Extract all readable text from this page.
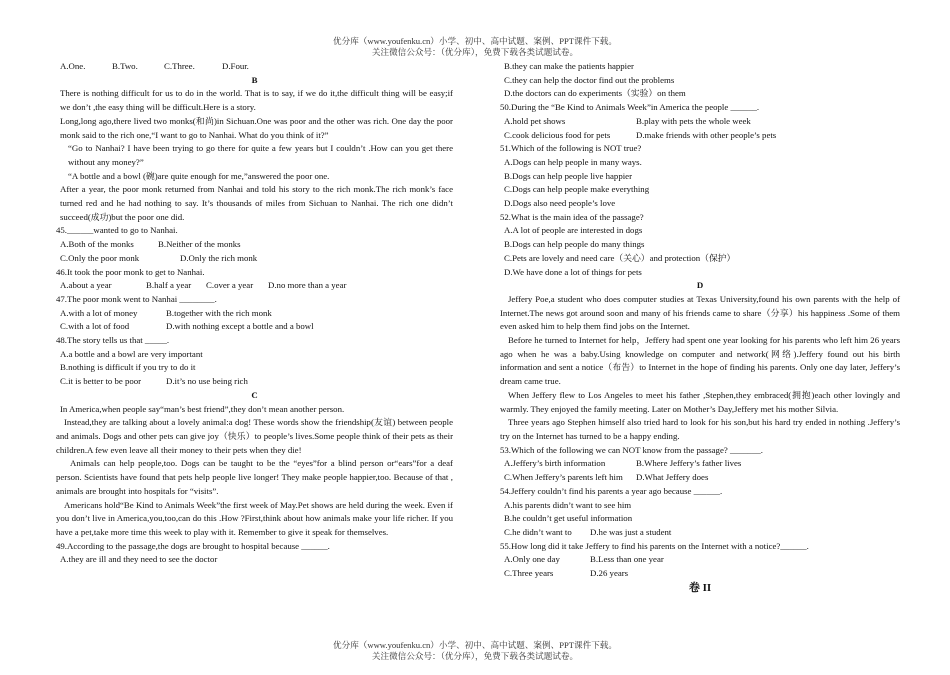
优分库（www.youfenku.cn）小学、初中、高中试题、案例、PPT课件下载。
关注微信公众号：（优分库），免费下载各类试题试卷。
A.One.	B.Two.	C.Three.	D.Four.

B

There is nothing difficult for us to do in the world. That is to say, if we do it,the difficult thing will be easy;if we don’t ,the easy thing will be difficult.Here is a story.

Long,long ago,there lived two monks(和尚)in Sichuan.One was poor and the other was rich. One day the poor monk said to the rich one,“I want to go to Nanhai. What do you think of it?”

“Go to Nanhai? I have been trying to go there for quite a few years but I couldn’t .How can you get there without any money?”

“A bottle and a bowl (碗)are quite enough for me,”answered the poor one.

After a year, the poor monk returned from Nanhai and told his story to the rich monk.The rich monk’s face turned red and he had nothing to say. It’s thousands of miles from Sichuan to Nanhai. The rich one didn’t succeed(成功)but the poor one did.

45.______wanted to go to Nanhai.

A.Both of the monks	B.Neither of the monks
C.Only the poor monk	D.Only the rich monk

46.It took the poor monk to get to Nanhai.

A.about a year	B.half a year	C.over a year	D.no more than a year

47.The poor monk went to Nanhai ________.

A.with a lot of money	B.together with the rich monk
C.with a lot of food	D.with nothing except a bottle and a bowl

48.The story tells us that _____.

A.a bottle and a bowl are very important
B.nothing is difficult if you try to do it
C.it is better to be poor	D.it’s no use being rich

C

In America,when people say“man’s best friend”,they don’t mean another person.

Instead,they are talking about a lovely animal:a dog! These words show the friendship(友谊) between people and animals. Dogs and other pets can give joy（快乐）to people’s lives.Some people think of their pets as their children.A few even leave all their money to their pets when they die!

Animals can help people,too. Dogs can be taught to be the “eyes”for a blind person or“ears”for a deaf person. Scientists have found that pets help people live longer! They make people happier,too. Because of that , animals are brought into hospitals for “visits”.

Americans hold“Be Kind to Animals Week”the first week of May.Pet shows are held during the week. Even if you don’t live in America,you,too,can do this .How ?First,think about how animals make your life richer. If you have a pet,take more time this week to play with it. Remember to give it speak for themselves.

49.According to the passage,the dogs are brought to hospital because ______.

A.they are ill and they need to see the doctor
B.they can make the patients happier
C.they can help the doctor find out the problems
D.the doctors can do experiments（实验）on them

50.During the “Be Kind to Animals Week”in America the people ______.

A.hold pet shows	B.play with pets the whole week
C.cook delicious food for pets	D.make friends with other people’s pets

51.Which of the following is NOT true?

A.Dogs can help people in many ways.
B.Dogs can help people live happier
C.Dogs can help people make everything
D.Dogs also need people’s love

52.What is the main idea of the passage?

A.A lot of people are interested in dogs
B.Dogs can help people do many things
C.Pets are lovely and need care（关心）and protection（保护）
D.We have done a lot of things for pets

D

Jeffery Poe,a student who does computer studies at Texas University,found his own parents with the help of Internet.The news got around soon and many of his friends came to share（分享）his happiness .Some of them even asked him to help them find jobs on the Internet.

Before he turned to Internet for help，Jeffery had spent one year looking for his parents who left him 26 years ago when he was a baby.Using knowledge on computer and network(网络).Jeffery found out his birth information and sent a notice（布告）to Internet in the hope of finding his parents. Only one day later, Jeffery’s dream came true.

When Jeffery flew to Los Angeles to meet his father ,Stephen,they embraced(拥抱)each other lovingly and warmly. They enjoyed the family meeting. Later on Mother’s Day,Jeffery met his mother Silvia.

Three years ago Stephen himself also tried hard to look for his son,but his hard try ended in nothing .Jeffery’s try on the Internet has turned to be a happy ending.

53.Which of the following we can NOT know from the passage? _______.

A.Jeffery’s birth information	B.Where Jeffery’s father lives
C.When Jeffery’s parents left him	D.What Jeffery does

54.Jeffery couldn’t find his parents a year ago because ______.

A.his parents didn’t want to see him
B.he couldn’t get useful information
C.he didn’t want to	D.he was just a student

55.How long did it take Jeffery to find his parents on the Internet with a notice?______.

A.Only one day	B.Less than one year
C.Three years	D.26 years
卷 II
优分库（www.youfenku.cn）小学、初中、高中试题、案例、PPT课件下载。
关注微信公众号：（优分库），免费下载各类试题试卷。
